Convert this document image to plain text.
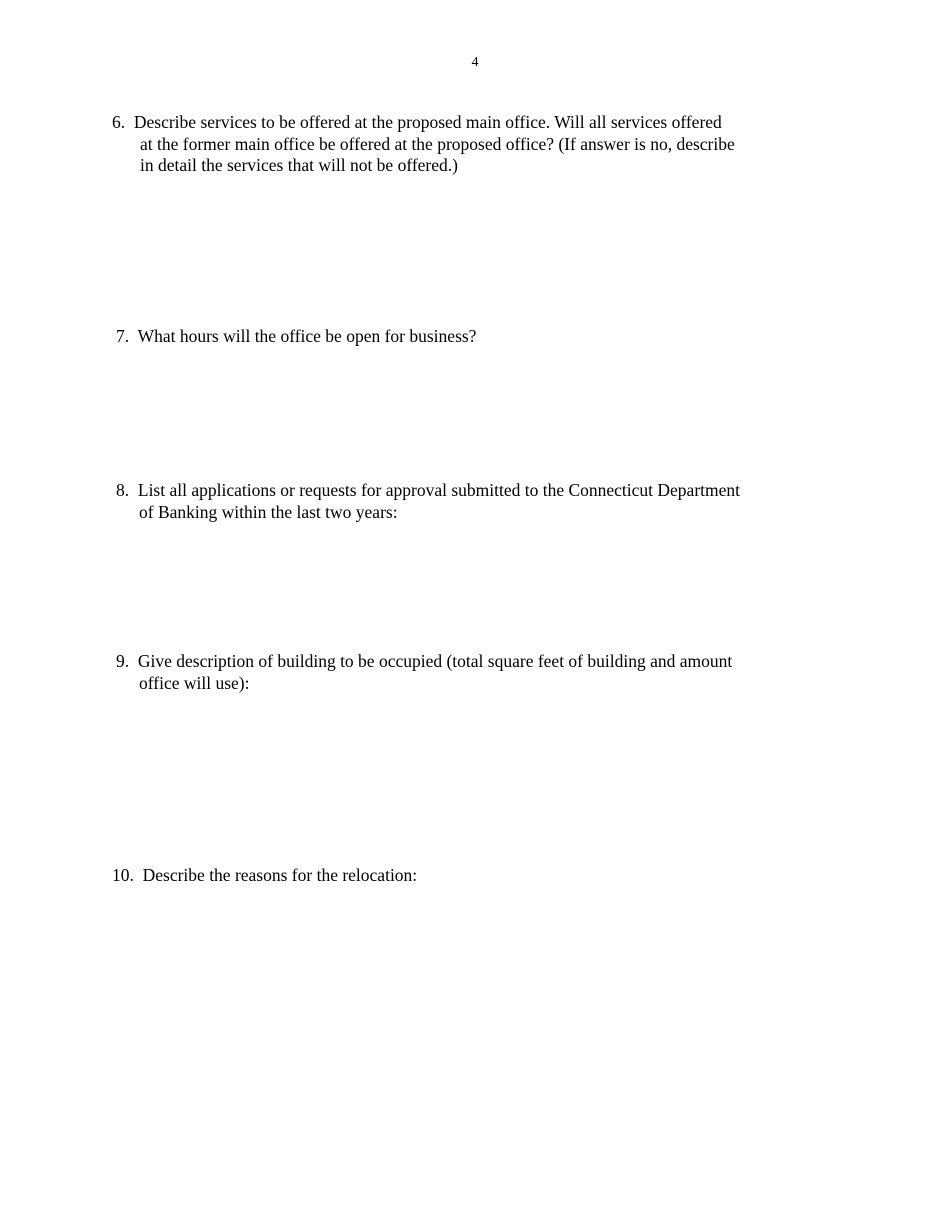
4
6. Describe services to be offered at the proposed main office. Will all services offered
at the former main office be offered at the proposed office? (If answer is no, describe
in detail the services that will not be offered.)
7. What hours will the office be open for business?
8. List all applications or requests for approval submitted to the Connecticut Department
of Banking within the last two years:
9. Give description of building to be occupied (total square feet of building and amount
office will use):
10. Describe the reasons for the relocation:
